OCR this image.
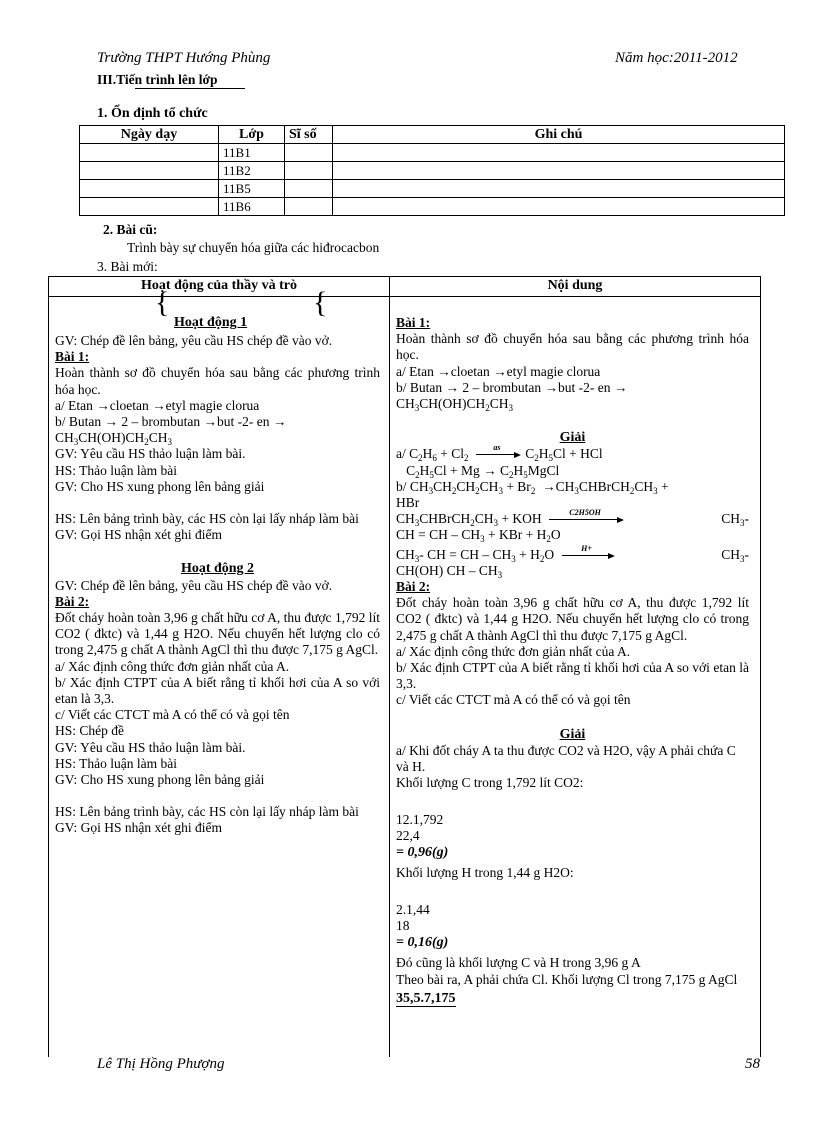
Trường THPT Hướng Phùng	Năm học:2011-2012
III.Tiến trình lên lớp
1. Ổn định tổ chức
Ngày dạy	Lớp	Sĩ số	Ghi chú
	11B1		
	11B2		
	11B5		
	11B6		
2. Bài cũ:
Trình bày sự chuyển hóa giữa các hiđrocacbon
3. Bài mới:
Hoạt động của thầy và trò	Nội dung
{
Hoạt động 1
{

GV: Chép đề lên bảng, yêu cầu HS chép đề vào vở.

Bài 1:

Hoàn thành sơ đồ chuyển hóa sau bằng các phương trình hóa học.

a/ Etan →cloetan →etyl magie clorua

b/ Butan → 2 – brombutan →but -2- en →

$CH_3CH(OH)CH_2CH_3$

GV: Yêu cầu HS thảo luận làm bài.

HS: Thảo luận làm bài

GV: Cho HS xung phong lên bảng giải

HS: Lên bảng trình bày, các HS còn lại lấy nháp làm bài

GV: Gọi HS nhận xét ghi điểm

Hoạt động 2

GV: Chép đề lên bảng, yêu cầu HS chép đề vào vở.

Bài 2:

Đốt cháy hoàn toàn 3,96 g chất hữu cơ A, thu được 1,792 lít CO2 ( đktc) và 1,44 g H2O. Nếu chuyển hết lượng clo có trong 2,475 g chất A thành AgCl thì thu được 7,175 g AgCl.

a/ Xác định công thức đơn giản nhất của A.

b/ Xác định CTPT của A biết rằng tỉ khối hơi của A so với etan là 3,3.

c/ Viết các CTCT mà A có thể có và gọi tên

HS: Chép đề

GV: Yêu cầu HS thảo luận làm bài.

HS: Thảo luận làm bài

GV: Cho HS xung phong lên bảng giải

HS: Lên bảng trình bày, các HS còn lại lấy nháp làm bài

GV: Gọi HS nhận xét ghi điểm

Bài 1:

Hoàn thành sơ đồ chuyển hóa sau bằng các phương trình hóa học.

a/ Etan →cloetan →etyl magie clorua

b/ Butan → 2 – brombutan →but -2- en →

$CH_3CH(OH)CH_2CH_3$

Giải

a/ $C_2H_6 + Cl_2$
as	$C_2H_5Cl$ + HCl

$C_2H_5Cl + Mg$ → $C_2H_5MgCl$

b/ $CH_3CH_2CH_2CH_3 + Br_2$ $\to CH_3CHBrCH_2CH_3$ +

HBr

$CH_3CHBrCH_2CH_3$ + KOH	C2H5OH	$CH_3-$

CH = CH – $CH_3$ + KBr + $H_2O$

$CH_3-$ CH = CH – $CH_3 + H_2O$	H+	$CH_3-$

CH(OH) CH – $CH_3$

Bài 2:

Đốt cháy hoàn toàn 3,96 g chất hữu cơ A, thu được 1,792 lít CO2 ( đktc) và 1,44 g H2O. Nếu chuyển hết lượng clo có trong 2,475 g chất A thành AgCl thì thu được 7,175 g AgCl.

a/ Xác định công thức đơn giản nhất của A.

b/ Xác định CTPT của A biết rằng tỉ khối hơi của A so với etan là 3,3.

c/ Viết các CTCT mà A có thể có và gọi tên

Giải

a/ Khi đốt cháy A ta thu được CO2 và H2O, vậy A phải chứa C và H.

Khối lượng C trong 1,792 lít CO2:

12.1,792
22,4
= 0,96(g)

Khối lượng H trong 1,44 g H2O:

2.1,44
18
= 0,16(g)

Đó cũng là khối lượng C và H trong 3,96 g A

Theo bài ra, A phải chứa Cl. Khối lượng Cl trong 7,175 g AgCl

35,5.7,175

Lê Thị Hồng Phượng	58
